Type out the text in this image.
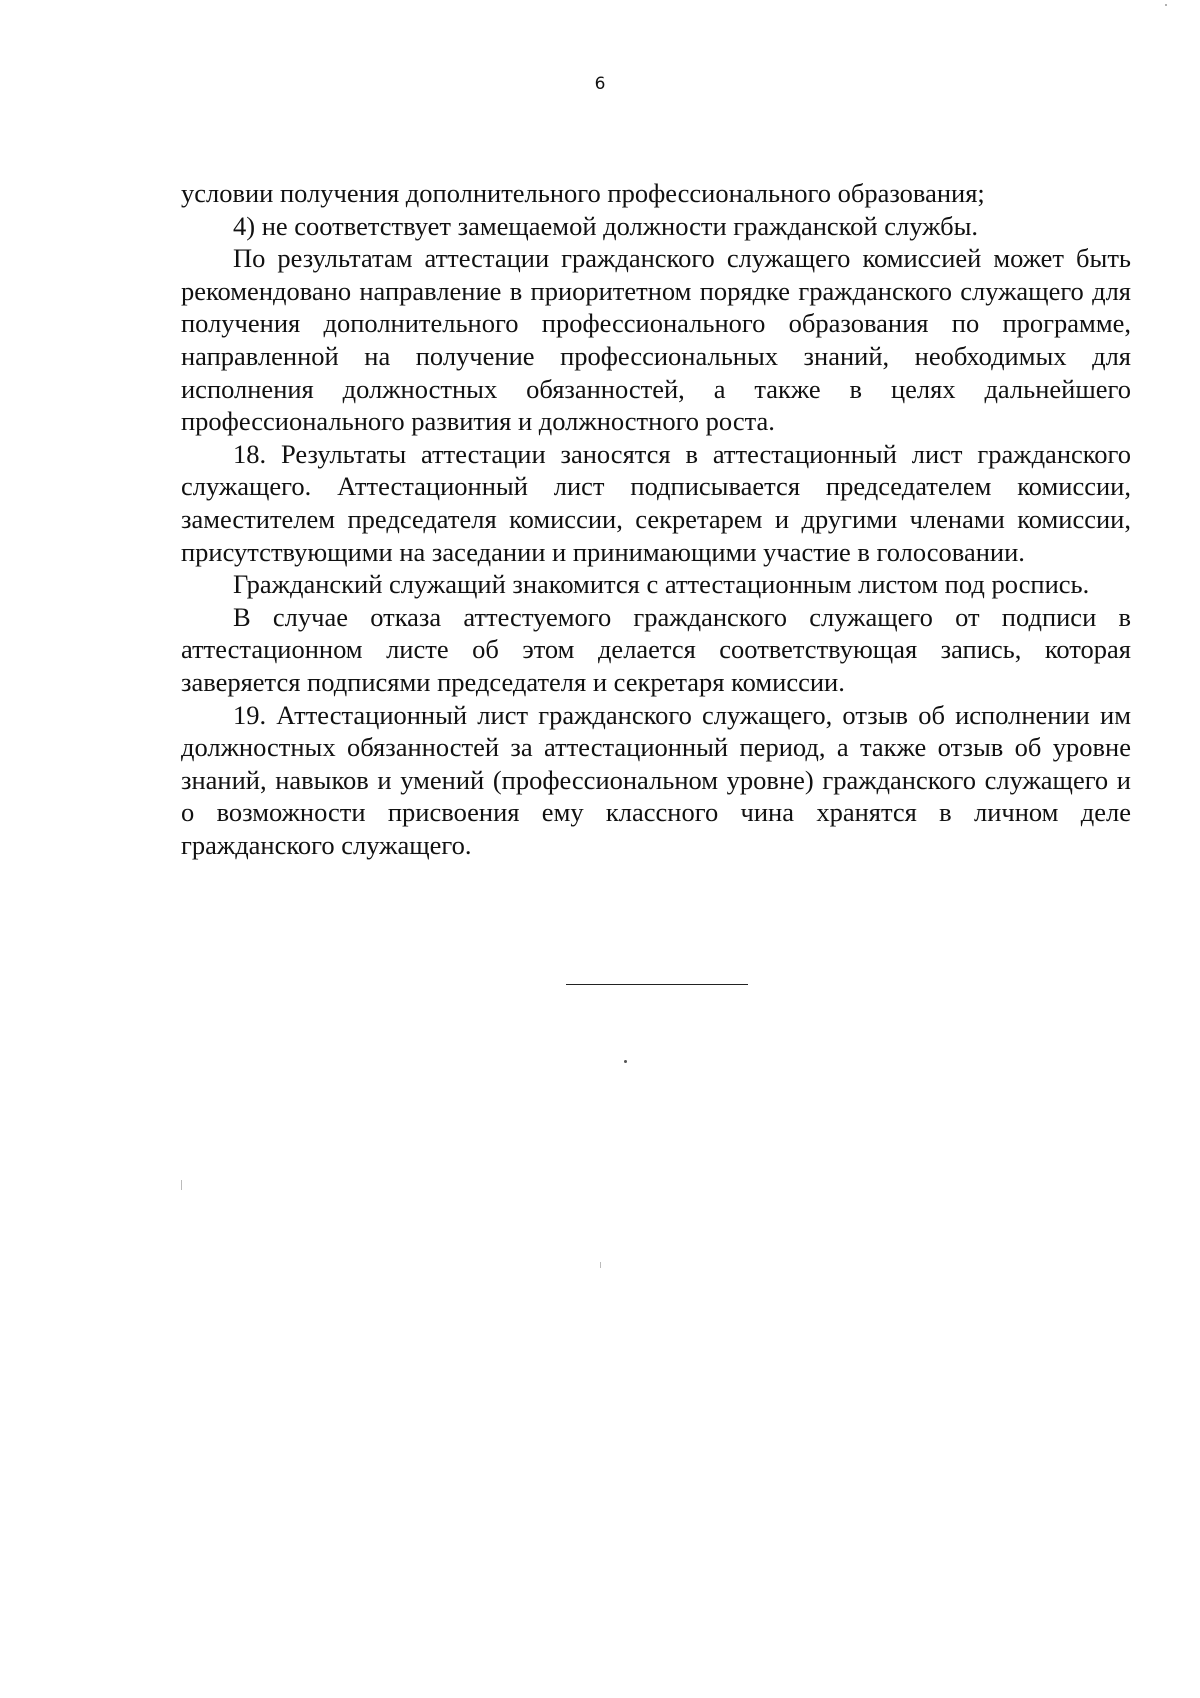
6

условии получения дополнительного профессионального образования;

4) не соответствует замещаемой должности гражданской службы.

По результатам аттестации гражданского служащего комиссией может быть рекомендовано направление в приоритетном порядке гражданского служащего для получения дополнительного профессионального образования по программе, направленной на получение профессиональных знаний, необходимых для исполнения должностных обязанностей, а также в целях дальнейшего профессионального развития и должностного роста.

18. Результаты аттестации заносятся в аттестационный лист гражданского служащего. Аттестационный лист подписывается председателем комиссии, заместителем председателя комиссии, секретарем и другими членами комиссии, присутствующими на заседании и принимающими участие в голосовании.

Гражданский служащий знакомится с аттестационным листом под роспись.

В случае отказа аттестуемого гражданского служащего от подписи в аттестационном листе об этом делается соответствующая запись, которая заверяется подписями председателя и секретаря комиссии.

19. Аттестационный лист гражданского служащего, отзыв об исполнении им должностных обязанностей за аттестационный период, а также отзыв об уровне знаний, навыков и умений (профессиональном уровне) гражданского служащего и о возможности присвоения ему классного чина хранятся в личном деле гражданского служащего.
